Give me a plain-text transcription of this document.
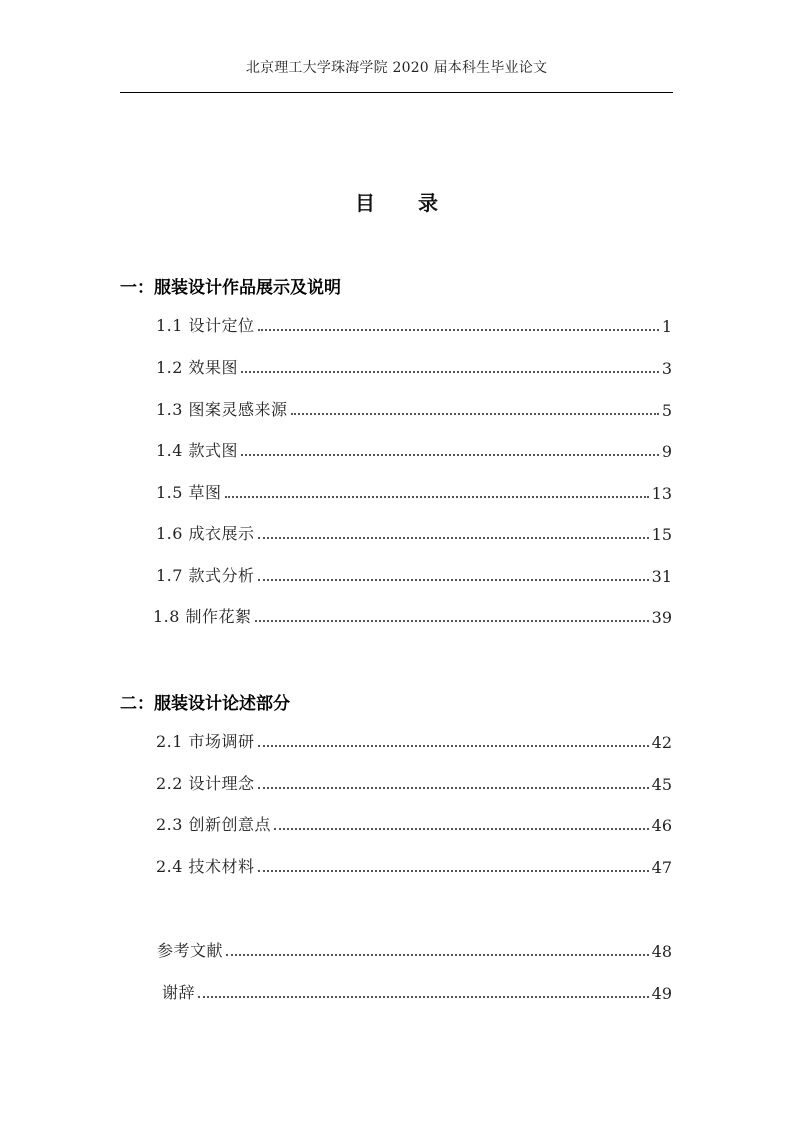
北京理工大学珠海学院 2020 届本科生毕业论文
目 录
一：服装设计作品展示及说明
1.1 设计定位	1
1.2 效果图	3
1.3 图案灵感来源	5
1.4 款式图	9
1.5 草图	13
1.6 成衣展示	15
1.7 款式分析	31
1.8 制作花絮	39
二：服装设计论述部分
2.1 市场调研	42
2.2 设计理念	45
2.3 创新创意点	46
2.4 技术材料	47
参考文献	48
谢辞	49
